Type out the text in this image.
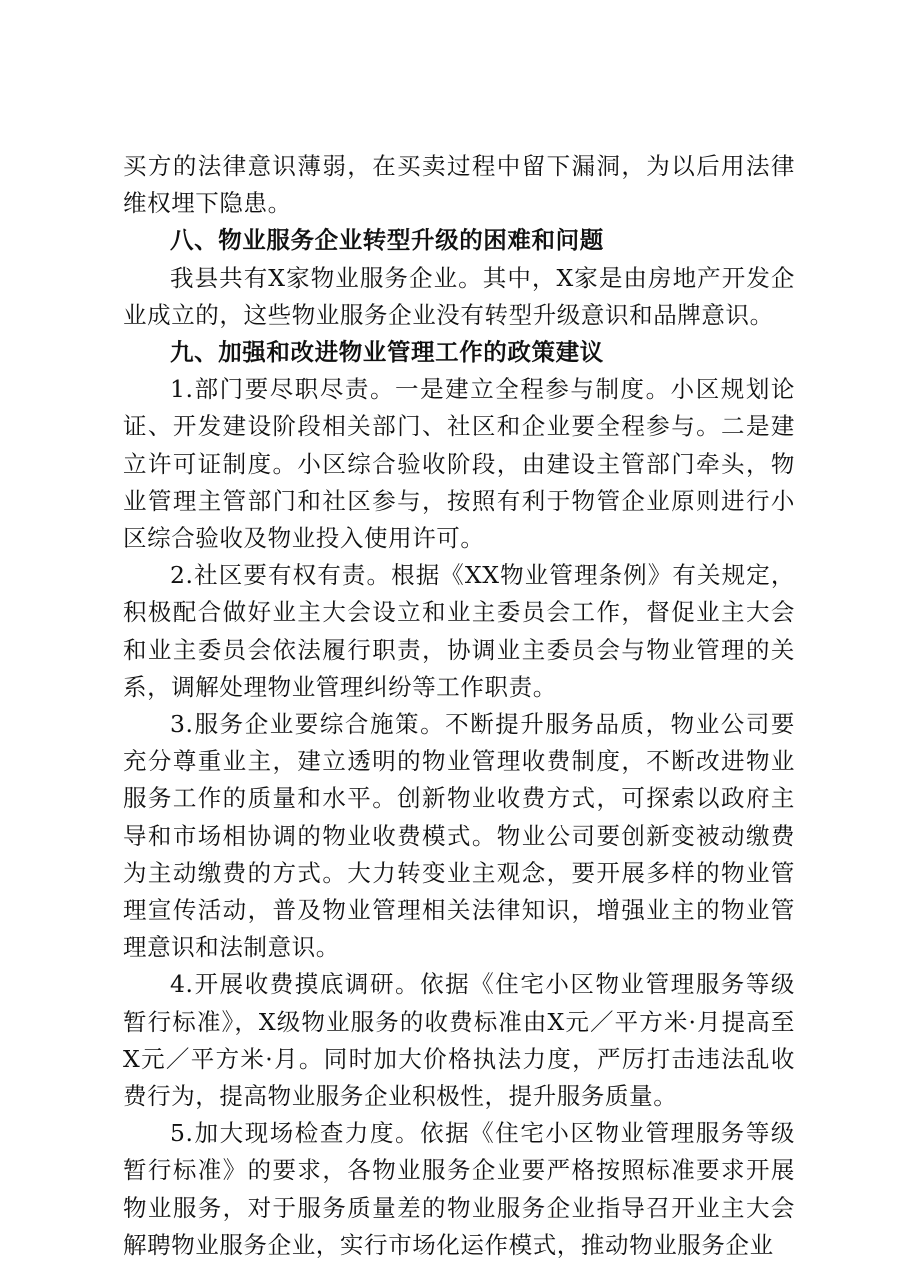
买方的法律意识薄弱，在买卖过程中留下漏洞，为以后用法律维权埋下隐患。

八、物业服务企业转型升级的困难和问题

我县共有X家物业服务企业。其中，X家是由房地产开发企业成立的，这些物业服务企业没有转型升级意识和品牌意识。

九、加强和改进物业管理工作的政策建议

1.部门要尽职尽责。一是建立全程参与制度。小区规划论证、开发建设阶段相关部门、社区和企业要全程参与。二是建立许可证制度。小区综合验收阶段，由建设主管部门牵头，物业管理主管部门和社区参与，按照有利于物管企业原则进行小区综合验收及物业投入使用许可。

2.社区要有权有责。根据《XX物业管理条例》有关规定，积极配合做好业主大会设立和业主委员会工作，督促业主大会和业主委员会依法履行职责，协调业主委员会与物业管理的关系，调解处理物业管理纠纷等工作职责。

3.服务企业要综合施策。不断提升服务品质，物业公司要充分尊重业主，建立透明的物业管理收费制度，不断改进物业服务工作的质量和水平。创新物业收费方式，可探索以政府主导和市场相协调的物业收费模式。物业公司要创新变被动缴费为主动缴费的方式。大力转变业主观念，要开展多样的物业管理宣传活动，普及物业管理相关法律知识，增强业主的物业管理意识和法制意识。

4.开展收费摸底调研。依据《住宅小区物业管理服务等级暂行标准》，X级物业服务的收费标准由X元／平方米·月提高至X元／平方米·月。同时加大价格执法力度，严厉打击违法乱收费行为，提高物业服务企业积极性，提升服务质量。

5.加大现场检查力度。依据《住宅小区物业管理服务等级暂行标准》的要求，各物业服务企业要严格按照标准要求开展物业服务，对于服务质量差的物业服务企业指导召开业主大会解聘物业服务企业，实行市场化运作模式，推动物业服务企业
